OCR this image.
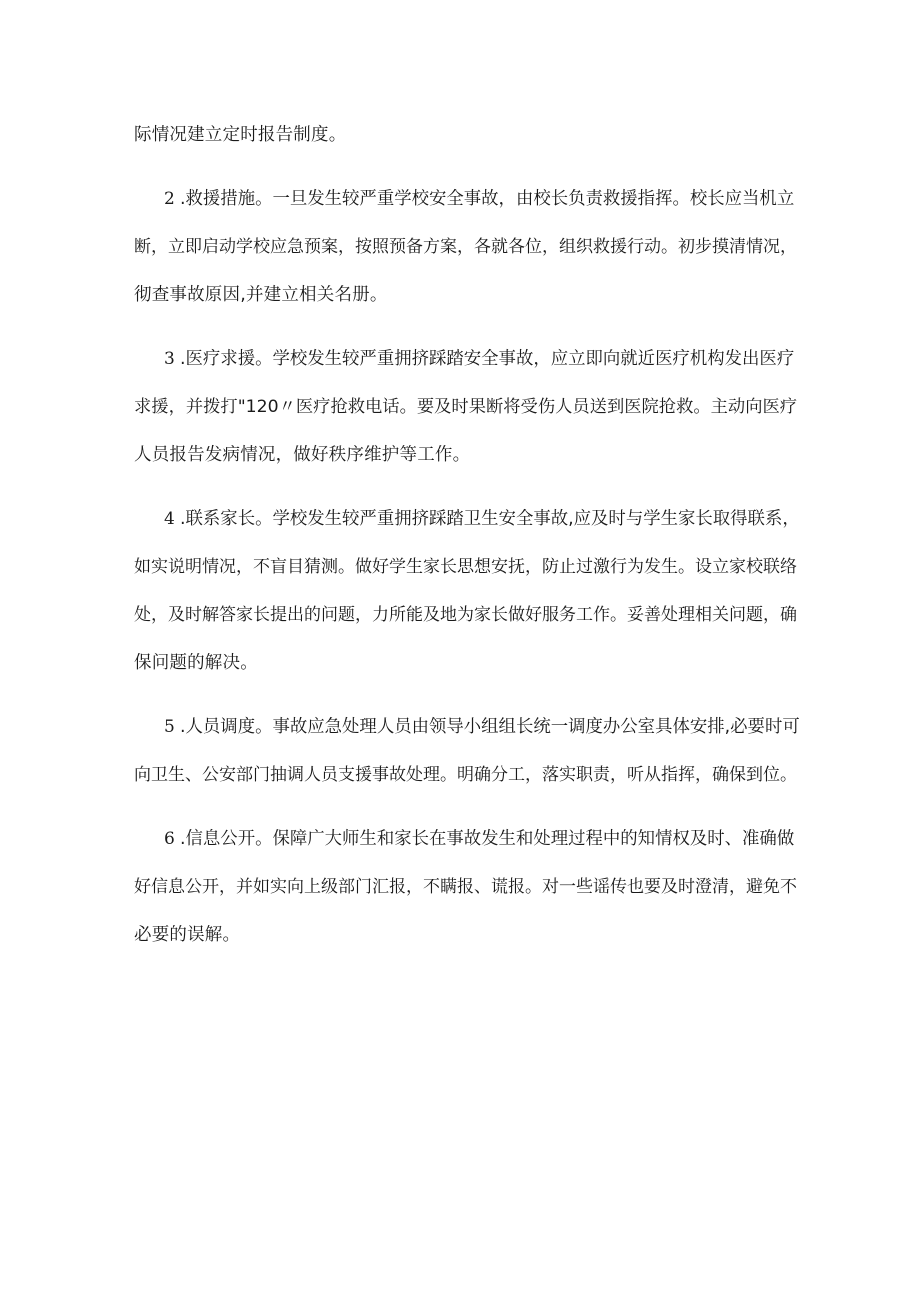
际情况建立定时报告制度。
2 .救援措施。一旦发生较严重学校安全事故，由校长负责救援指挥。校长应当机立
断，立即启动学校应急预案，按照预备方案，各就各位，组织救援行动。初步摸清情况，
彻查事故原因,并建立相关名册。
3 .医疗求援。学校发生较严重拥挤踩踏安全事故，应立即向就近医疗机构发出医疗
求援，并拨打"120〃医疗抢救电话。要及时果断将受伤人员送到医院抢救。主动向医疗
人员报告发病情况，做好秩序维护等工作。
4 .联系家长。学校发生较严重拥挤踩踏卫生安全事故,应及时与学生家长取得联系，
如实说明情况，不盲目猜测。做好学生家长思想安抚，防止过激行为发生。设立家校联络
处，及时解答家长提出的问题，力所能及地为家长做好服务工作。妥善处理相关问题，确
保问题的解决。
5 .人员调度。事故应急处理人员由领导小组组长统一调度办公室具体安排,必要时可
向卫生、公安部门抽调人员支援事故处理。明确分工，落实职责，听从指挥，确保到位。
6 .信息公开。保障广大师生和家长在事故发生和处理过程中的知情权及时、准确做
好信息公开，并如实向上级部门汇报，不瞒报、谎报。对一些谣传也要及时澄清，避免不
必要的误解。
